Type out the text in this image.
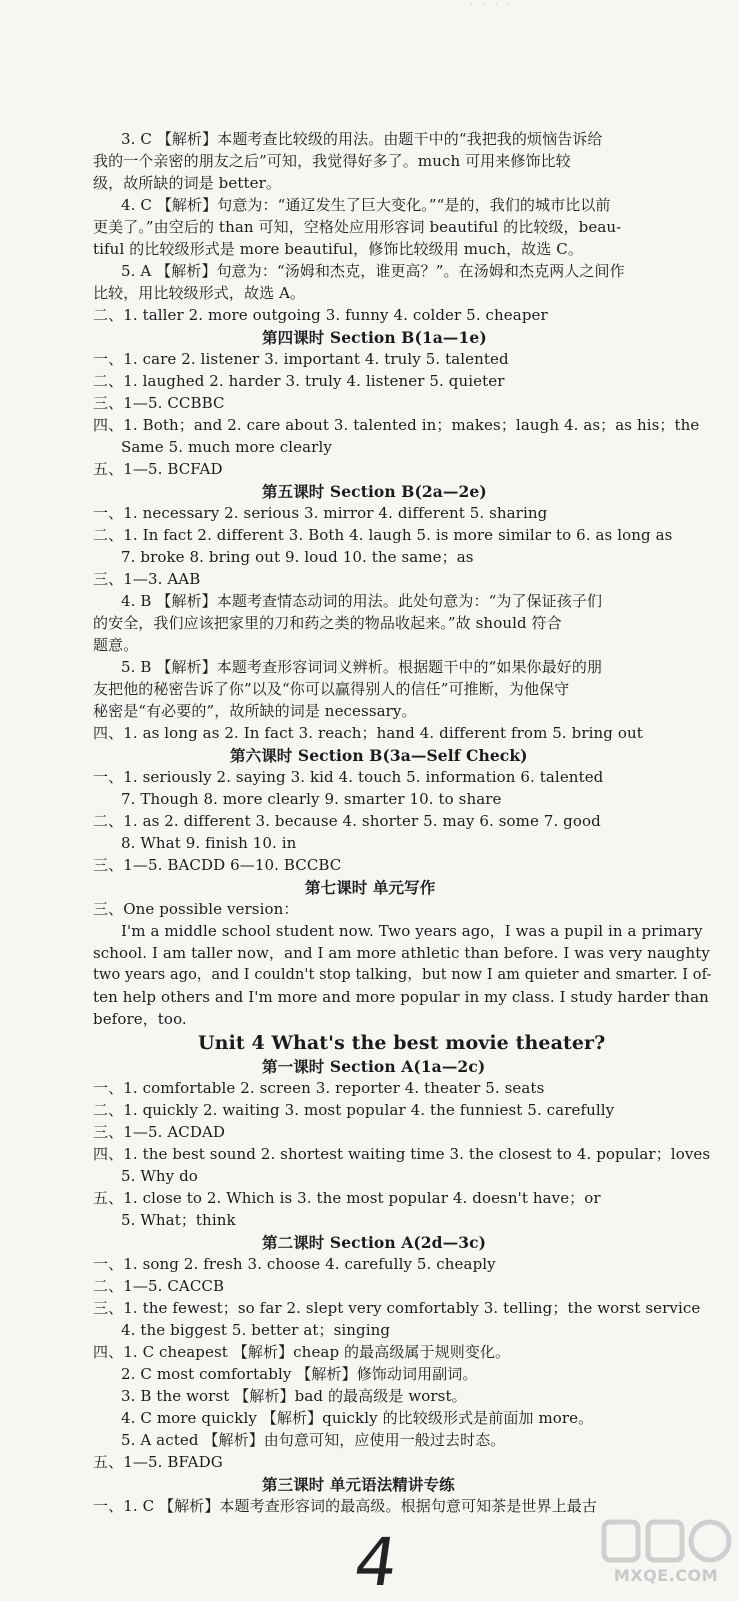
· · · ·
3. C 【解析】本题考查比较级的用法。由题干中的“我把我的烦恼告诉给
我的一个亲密的朋友之后”可知，我觉得好多了。much 可用来修饰比较
级，故所缺的词是 better。
4. C 【解析】句意为：“通辽发生了巨大变化。”“是的，我们的城市比以前
更美了。”由空后的 than 可知，空格处应用形容词 beautiful 的比较级，beau-
tiful 的比较级形式是 more beautiful，修饰比较级用 much，故选 C。
5. A 【解析】句意为：“汤姆和杰克，谁更高？”。在汤姆和杰克两人之间作
比较，用比较级形式，故选 A。
二、1. taller 2. more outgoing 3. funny 4. colder 5. cheaper
第四课时 Section B(1a—1e)
一、1. care 2. listener 3. important 4. truly 5. talented
二、1. laughed 2. harder 3. truly 4. listener 5. quieter
三、1—5. CCBBC
四、1. Both；and 2. care about 3. talented in；makes；laugh 4. as；as his；the
Same 5. much more clearly
五、1—5. BCFAD
第五课时 Section B(2a—2e)
一、1. necessary 2. serious 3. mirror 4. different 5. sharing
二、1. In fact 2. different 3. Both 4. laugh 5. is more similar to 6. as long as
7. broke 8. bring out 9. loud 10. the same；as
三、1—3. AAB
4. B 【解析】本题考查情态动词的用法。此处句意为：“为了保证孩子们
的安全，我们应该把家里的刀和药之类的物品收起来。”故 should 符合
题意。
5. B 【解析】本题考查形容词词义辨析。根据题干中的“如果你最好的朋
友把他的秘密告诉了你”以及“你可以赢得别人的信任”可推断，为他保守
秘密是“有必要的”，故所缺的词是 necessary。
四、1. as long as 2. In fact 3. reach；hand 4. different from 5. bring out
第六课时 Section B(3a—Self Check)
一、1. seriously 2. saying 3. kid 4. touch 5. information 6. talented
7. Though 8. more clearly 9. smarter 10. to share
二、1. as 2. different 3. because 4. shorter 5. may 6. some 7. good
8. What 9. finish 10. in
三、1—5. BACDD 6—10. BCCBC
第七课时 单元写作
三、One possible version：
I'm a middle school student now. Two years ago，I was a pupil in a primary
school. I am taller now，and I am more athletic than before. I was very naughty
two years ago，and I couldn't stop talking，but now I am quieter and smarter. I of-
ten help others and I'm more and more popular in my class. I study harder than
before，too.
Unit 4 What's the best movie theater?
第一课时 Section A(1a—2c)
一、1. comfortable 2. screen 3. reporter 4. theater 5. seats
二、1. quickly 2. waiting 3. most popular 4. the funniest 5. carefully
三、1—5. ACDAD
四、1. the best sound 2. shortest waiting time 3. the closest to 4. popular；loves
5. Why do
五、1. close to 2. Which is 3. the most popular 4. doesn't have；or
5. What；think
第二课时 Section A(2d—3c)
一、1. song 2. fresh 3. choose 4. carefully 5. cheaply
二、1—5. CACCB
三、1. the fewest；so far 2. slept very comfortably 3. telling；the worst service
4. the biggest 5. better at；singing
四、1. C cheapest 【解析】cheap 的最高级属于规则变化。
2. C most comfortably 【解析】修饰动词用副词。
3. B the worst 【解析】bad 的最高级是 worst。
4. C more quickly 【解析】quickly 的比较级形式是前面加 more。
5. A acted 【解析】由句意可知，应使用一般过去时态。
五、1—5. BFADG
第三课时 单元语法精讲专练
一、1. C 【解析】本题考查形容词的最高级。根据句意可知茶是世界上最古
4	MXQE.COM
